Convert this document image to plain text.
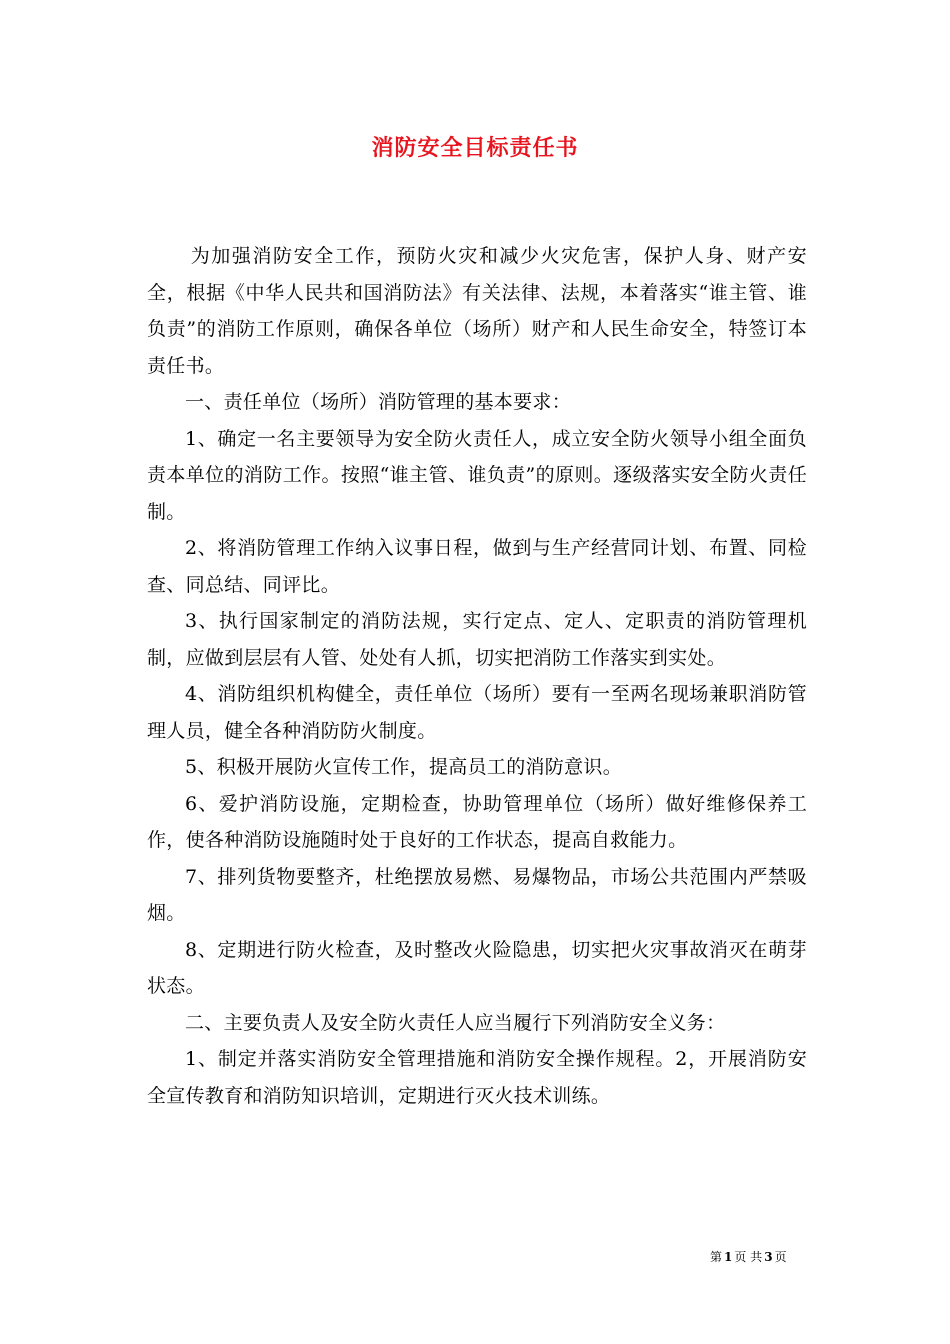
消防安全目标责任书

为加强消防安全工作，预防火灾和减少火灾危害，保护人身、财产安全，根据《中华人民共和国消防法》有关法律、法规，本着落实“谁主管、谁负责”的消防工作原则，确保各单位（场所）财产和人民生命安全，特签订本责任书。

一、责任单位（场所）消防管理的基本要求：

1、确定一名主要领导为安全防火责任人，成立安全防火领导小组全面负责本单位的消防工作。按照“谁主管、谁负责”的原则。逐级落实安全防火责任制。

2、将消防管理工作纳入议事日程，做到与生产经营同计划、布置、同检查、同总结、同评比。

3、执行国家制定的消防法规，实行定点、定人、定职责的消防管理机制，应做到层层有人管、处处有人抓，切实把消防工作落实到实处。

4、消防组织机构健全，责任单位（场所）要有一至两名现场兼职消防管理人员，健全各种消防防火制度。

5、积极开展防火宣传工作，提高员工的消防意识。

6、爱护消防设施，定期检查，协助管理单位（场所）做好维修保养工作，使各种消防设施随时处于良好的工作状态，提高自救能力。

7、排列货物要整齐，杜绝摆放易燃、易爆物品，市场公共范围内严禁吸烟。

8、定期进行防火检查，及时整改火险隐患，切实把火灾事故消灭在萌芽状态。

二、主要负责人及安全防火责任人应当履行下列消防安全义务：

1、制定并落实消防安全管理措施和消防安全操作规程。2，开展消防安全宣传教育和消防知识培训，定期进行灭火技术训练。

第 1 页 共 3 页
